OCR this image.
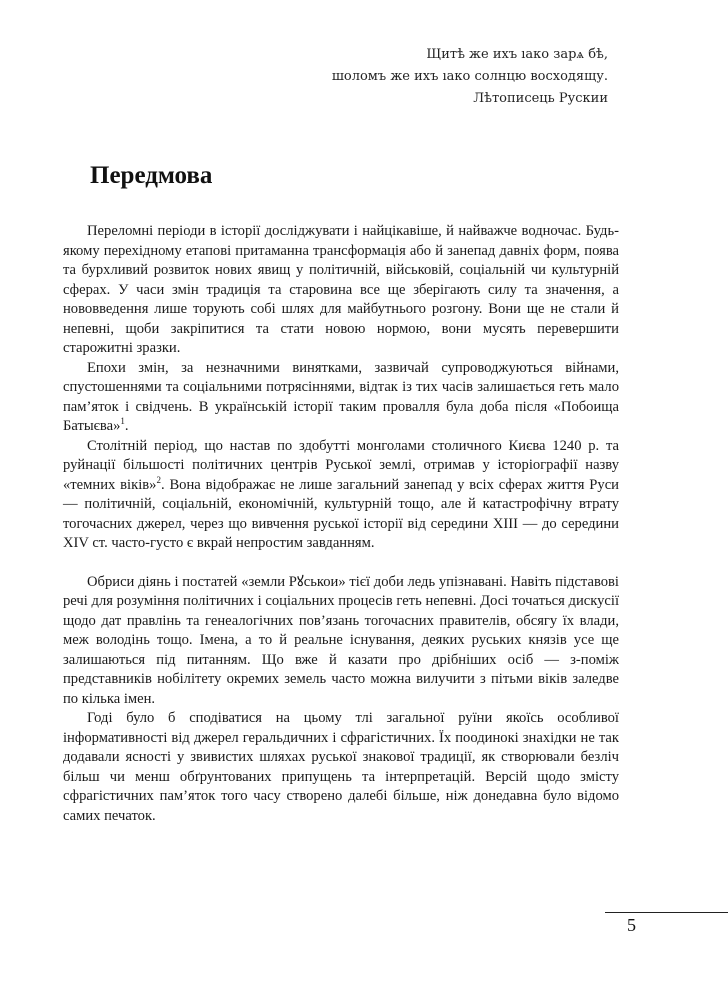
Щитѣ же ихъ ıако зарѧ бѣ,
шоломъ же ихъ ıако солнцю восходящу.
Лѣтописець Рускии
Передмова

Переломні періоди в історії досліджувати і найцікавіше, й найважче водночас. Будь-якому перехідному етапові притаманна трансформація або й занепад давніх форм, поява та бурхливий розвиток нових явищ у політичній, військовій, соціальній чи культурній сферах. У часи змін традиція та старовина все ще зберігають силу та значення, а нововведення лише торують собі шлях для майбутнього розгону. Вони ще не стали й непевні, щоби закріпитися та стати новою нормою, вони мусять перевершити старожитні зразки.

Епохи змін, за незначними винятками, зазвичай супроводжуються війнами, спустошеннями та соціальними потрясіннями, відтак із тих часів залишається геть мало пам’яток і свідчень. В українській історії таким провалля була доба після «Побоища Батыєва»$^1$.

Столітній період, що настав по здобутті монголами столичного Києва 1240 р. та руйнації більшості політичних центрів Руської землі, отримав у історіографії назву «темних віків»$^2$. Вона відображає не лише загальний занепад у всіх сферах життя Руси — політичній, соціальній, економічній, культурній тощо, але й катастрофічну втрату тогочасних джерел, через що вивчення руської історії від середини XIII — до середини XIV ст. часто-густо є вкрай непростим завданням.

Обриси діянь і постатей «земли Рꙋськои» тієї доби ледь упізнавані. Навіть підставові речі для розуміння політичних і соціальних процесів геть непевні. Досі точаться дискусії щодо дат правлінь та генеалогічних пов’язань тогочасних правителів, обсягу їх влади, меж володінь тощо. Імена, а то й реальне існування, деяких руських князів усе ще залишаються під питанням. Що вже й казати про дрібніших осіб — з-поміж представників нобілітету окремих земель часто можна вилучити з пітьми віків заледве по кілька імен.

Годі було б сподіватися на цьому тлі загальної руїни якоїсь особливої інформативності від джерел геральдичних і сфрагістичних. Їх поодинокі знахідки не так додавали ясності у звивистих шляхах руської знакової традиції, як створювали безліч більш чи менш обґрунтованих припущень та інтерпретацій. Версій щодо змісту сфрагістичних пам’яток того часу створено далебі більше, ніж донедавна було відомо самих печаток.

5
